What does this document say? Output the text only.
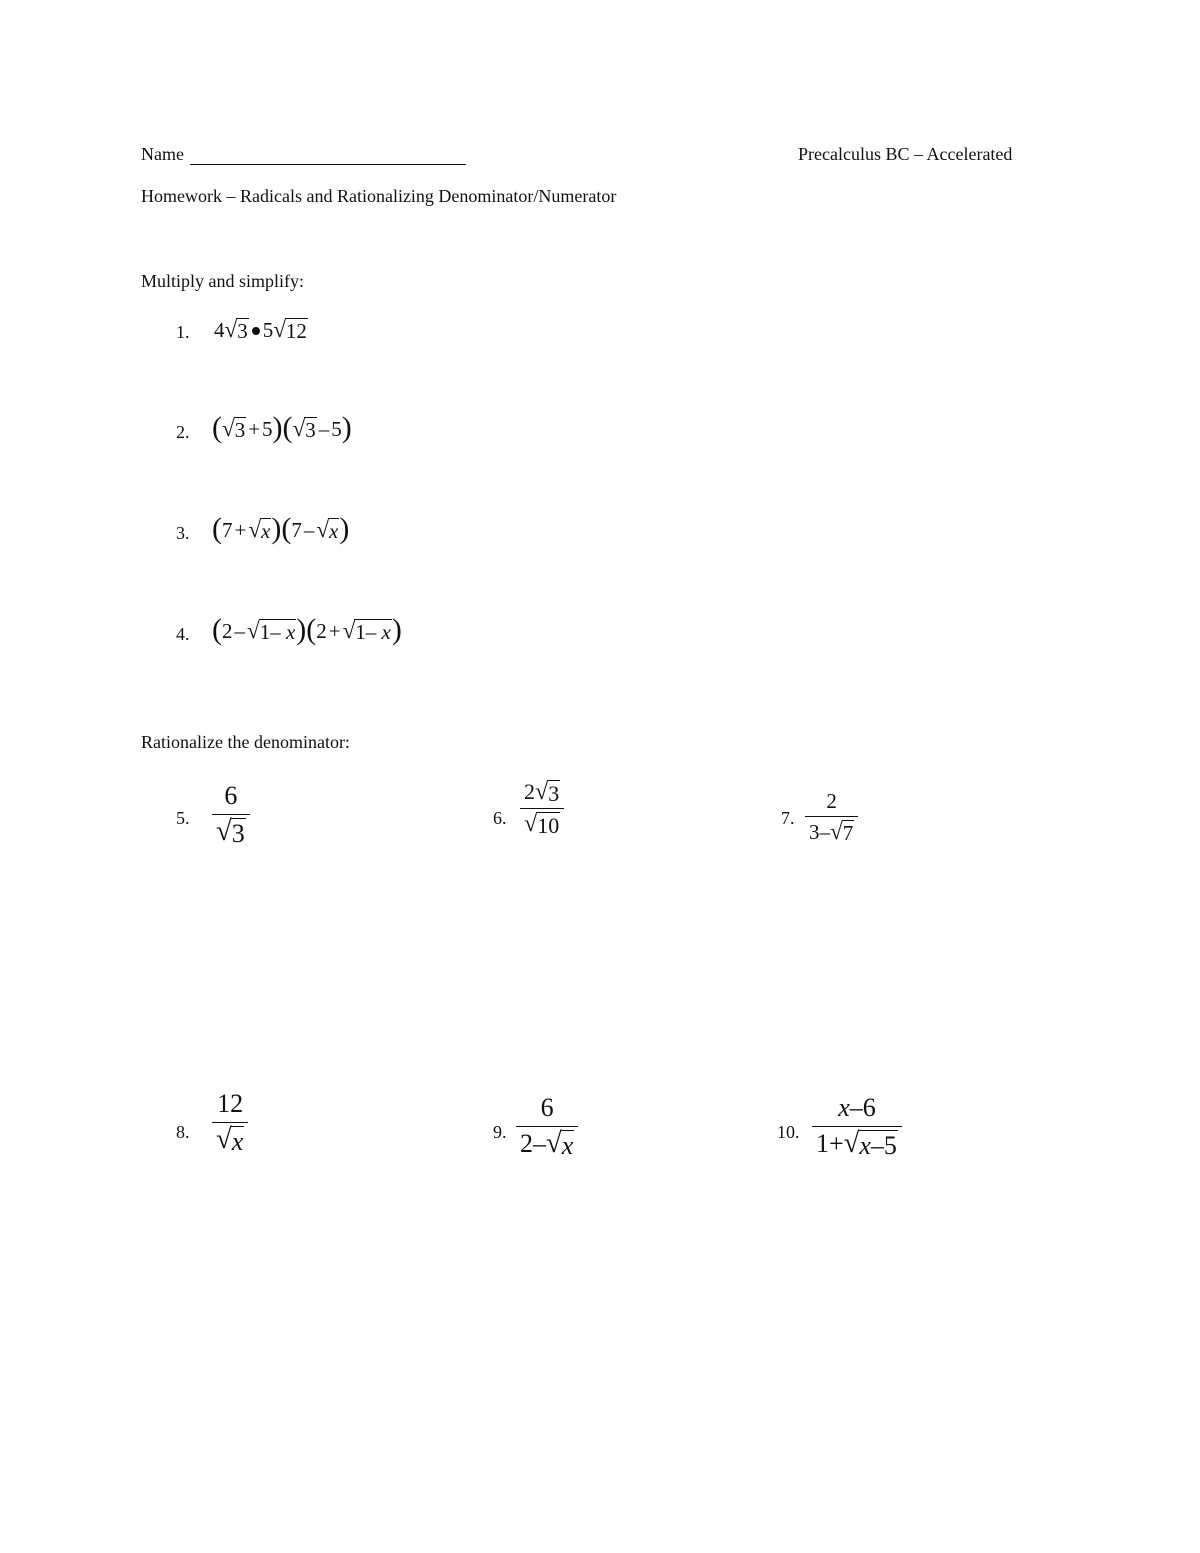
Name	Precalculus BC – Accelerated
Homework – Radicals and Rationalizing Denominator/Numerator
Multiply and simplify:
1. 4 √ 3 5 √ 12
2. ( √ 3 + 5 ) ( √ 3 – 5 )
3. ( 7 + √ x ) ( 7 – √ x )
4. ( 2 – √ 1– x ) ( 2 + √ 1– x )
Rationalize the denominator:
5. $\frac{6}{√ 3}$	6. $\frac{2 √ 3}{√ 10}$	7. $\frac{2}{3- √ 7}$
8. $\frac{12}{√ x}$	9. $\frac{6}{2- √ x}$	10. $\frac{x-6}{1+ √ x-5}$
